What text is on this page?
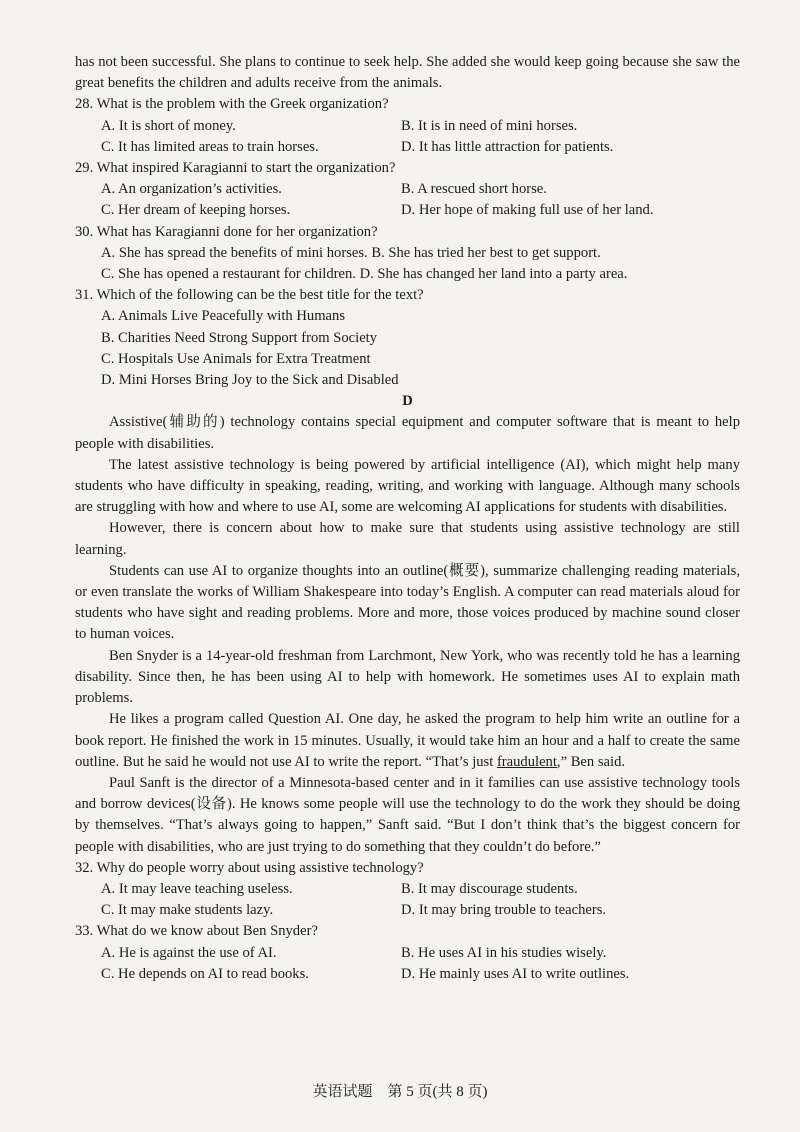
has not been successful. She plans to continue to seek help. She added she would keep going because she saw the great benefits the children and adults receive from the animals.

28. What is the problem with the Greek organization?

A. It is short of money.	B. It is in need of mini horses.
C. It has limited areas to train horses.	D. It has little attraction for patients.

29. What inspired Karagianni to start the organization?

A. An organization’s activities.	B. A rescued short horse.
C. Her dream of keeping horses.	D. Her hope of making full use of her land.

30. What has Karagianni done for her organization?

A. She has spread the benefits of mini horses. B. She has tried her best to get support.
C. She has opened a restaurant for children. D. She has changed her land into a party area.

31. Which of the following can be the best title for the text?

A. Animals Live Peacefully with Humans
B. Charities Need Strong Support from Society
C. Hospitals Use Animals for Extra Treatment
D. Mini Horses Bring Joy to the Sick and Disabled

D

Assistive(辅助的) technology contains special equipment and computer software that is meant to help people with disabilities.

The latest assistive technology is being powered by artificial intelligence (AI), which might help many students who have difficulty in speaking, reading, writing, and working with language. Although many schools are struggling with how and where to use AI, some are welcoming AI applications for students with disabilities.

However, there is concern about how to make sure that students using assistive technology are still learning.

Students can use AI to organize thoughts into an outline(概要), summarize challenging reading materials, or even translate the works of William Shakespeare into today’s English. A computer can read materials aloud for students who have sight and reading problems. More and more, those voices produced by machine sound closer to human voices.

Ben Snyder is a 14-year-old freshman from Larchmont, New York, who was recently told he has a learning disability. Since then, he has been using AI to help with homework. He sometimes uses AI to explain math problems.

He likes a program called Question AI. One day, he asked the program to help him write an outline for a book report. He finished the work in 15 minutes. Usually, it would take him an hour and a half to create the same outline. But he said he would not use AI to write the report. “That’s just fraudulent,” Ben said.

Paul Sanft is the director of a Minnesota-based center and in it families can use assistive technology tools and borrow devices(设备). He knows some people will use the technology to do the work they should be doing by themselves. “That’s always going to happen,” Sanft said. “But I don’t think that’s the biggest concern for people with disabilities, who are just trying to do something that they couldn’t do before.”

32. Why do people worry about using assistive technology?

A. It may leave teaching useless.	B. It may discourage students.
C. It may make students lazy.	D. It may bring trouble to teachers.

33. What do we know about Ben Snyder?

A. He is against the use of AI.	B. He uses AI in his studies wisely.
C. He depends on AI to read books.	D. He mainly uses AI to write outlines.
英语试题　第 5 页(共 8 页)
